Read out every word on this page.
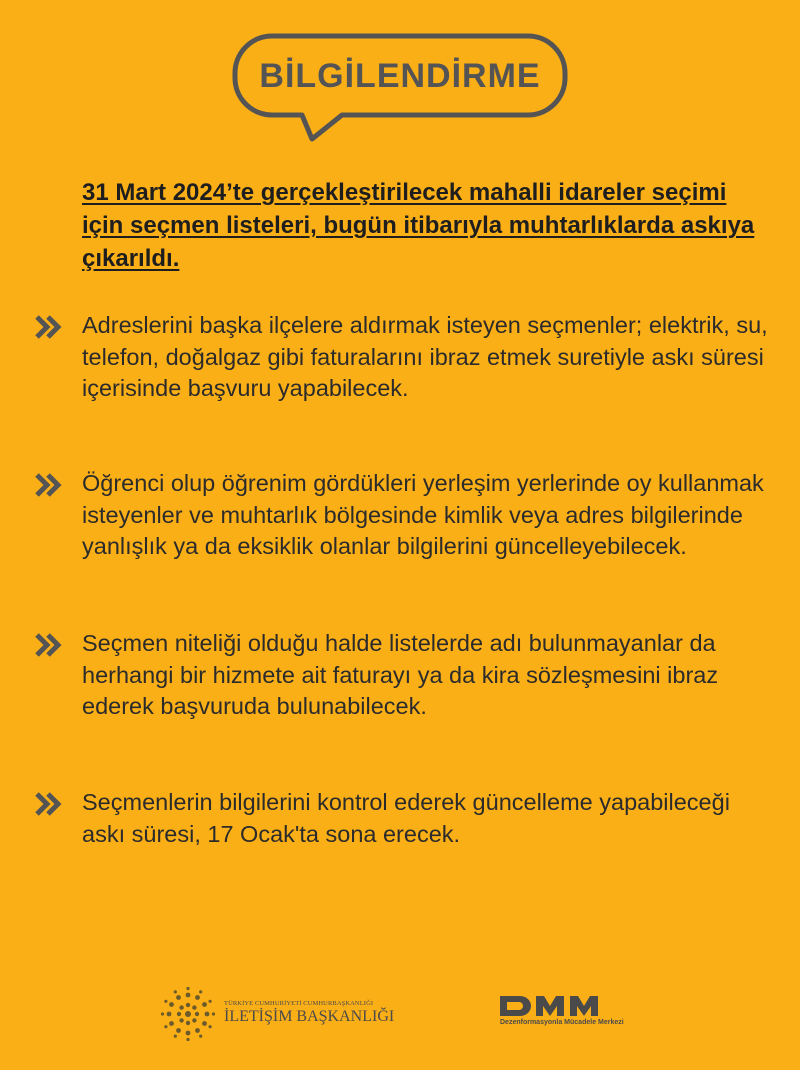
BİLGİLENDİRME
31 Mart 2024’te gerçekleştirilecek mahalli idareler seçimi için seçmen listeleri, bugün itibarıyla muhtarlıklarda askıya çıkarıldı.
Adreslerini başka ilçelere aldırmak isteyen seçmenler; elektrik, su, telefon, doğalgaz gibi faturalarını ibraz etmek suretiyle askı süresi içerisinde başvuru yapabilecek.
Öğrenci olup öğrenim gördükleri yerleşim yerlerinde oy kullanmak isteyenler ve muhtarlık bölgesinde kimlik veya adres bilgilerinde yanlışlık ya da eksiklik olanlar bilgilerini güncelleyebilecek.
Seçmen niteliği olduğu halde listelerde adı bulunmayanlar da herhangi bir hizmete ait faturayı ya da kira sözleşmesini ibraz ederek başvuruda bulunabilecek.
Seçmenlerin bilgilerini kontrol ederek güncelleme yapabileceği askı süresi, 17 Ocak'ta sona erecek.
TÜRKİYE CUMHURİYETİ CUMHURBAŞKANLIĞI
İLETİŞİM BAŞKANLIĞI	Dezenformasyonla Mücadele Merkezi
